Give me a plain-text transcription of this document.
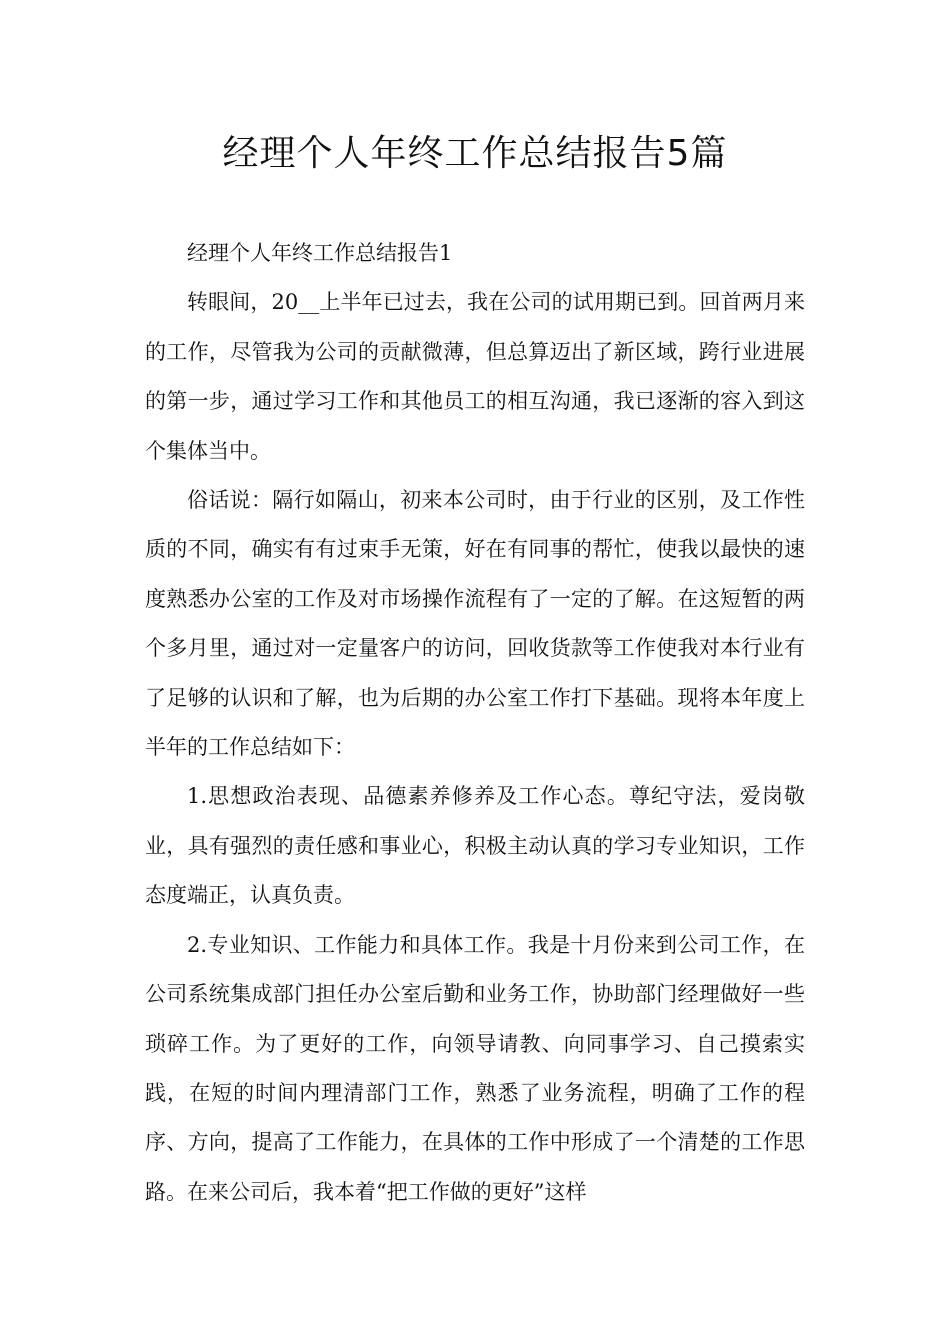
经理个人年终工作总结报告5篇

经理个人年终工作总结报告1

转眼间，20__上半年已过去，我在公司的试用期已到。回首两月来的工作，尽管我为公司的贡献微薄，但总算迈出了新区域，跨行业进展的第一步，通过学习工作和其他员工的相互沟通，我已逐渐的容入到这个集体当中。

俗话说：隔行如隔山，初来本公司时，由于行业的区别，及工作性质的不同，确实有有过束手无策，好在有同事的帮忙，使我以最快的速度熟悉办公室的工作及对市场操作流程有了一定的了解。在这短暂的两个多月里，通过对一定量客户的访问，回收货款等工作使我对本行业有了足够的认识和了解，也为后期的办公室工作打下基础。现将本年度上半年的工作总结如下：

1.思想政治表现、品德素养修养及工作心态。尊纪守法，爱岗敬业，具有强烈的责任感和事业心，积极主动认真的学习专业知识，工作态度端正，认真负责。

2.专业知识、工作能力和具体工作。我是十月份来到公司工作，在公司系统集成部门担任办公室后勤和业务工作，协助部门经理做好一些琐碎工作。为了更好的工作，向领导请教、向同事学习、自己摸索实践，在短的时间内理清部门工作，熟悉了业务流程，明确了工作的程序、方向，提高了工作能力，在具体的工作中形成了一个清楚的工作思路。在来公司后，我本着“把工作做的更好”这样
